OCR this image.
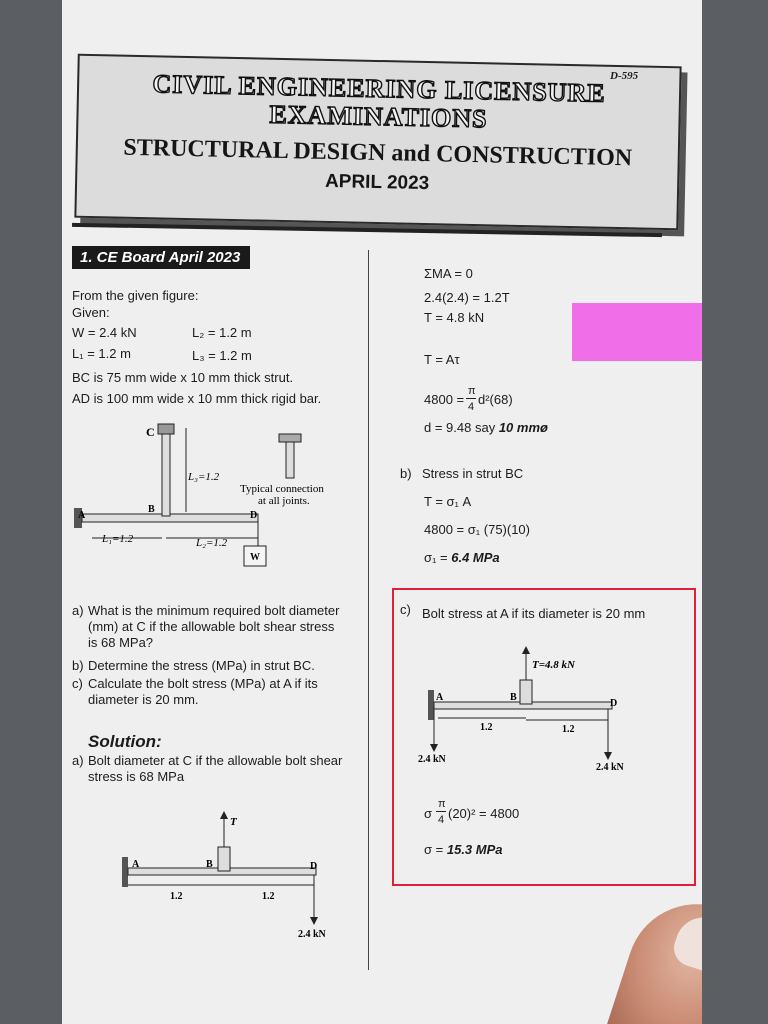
CIVIL ENGINEERING LICENSURE
EXAMINATIONS
STRUCTURAL DESIGN and CONSTRUCTION
APRIL 2023
D-595
1. CE Board April 2023
From the given figure:
Given:
W = 2.4 kN	L₂ = 1.2 m
L₁ = 1.2 m	L₃ = 1.2 m
BC is 75 mm wide x 10 mm thick strut.
AD is 100 mm wide x 10 mm thick rigid bar.
C
B
A	D
W
L₃=1.2
L₁=1.2	L₂=1.2
Typical connection
at all joints.
a) What is the minimum required bolt diameter (mm) at C if the allowable bolt shear stress is 68 MPa?
b) Determine the stress (MPa) in strut BC.
c) Calculate the bolt stress (MPa) at A if its diameter is 20 mm.
Solution:
a) Bolt diameter at C if the allowable bolt shear stress is 68 MPa
T
B
A	D
1.2	1.2
2.4 kN
ΣMA = 0
2.4(2.4) = 1.2T
T = 4.8 kN
T = Aτ
4800 =
π
4 d²(68)
d = 9.48 say 10 mmø
b) Stress in strut BC
T = σ₁ A
4800 = σ₁ (75)(10)
σ₁ = 6.4 MPa
c) Bolt stress at A if its diameter is 20 mm
T=4.8 kN
B
A
D
1.2	1.2
2.4 kN
2.4 kN
σ
π
4 (20)² = 4800
σ = 15.3 MPa
